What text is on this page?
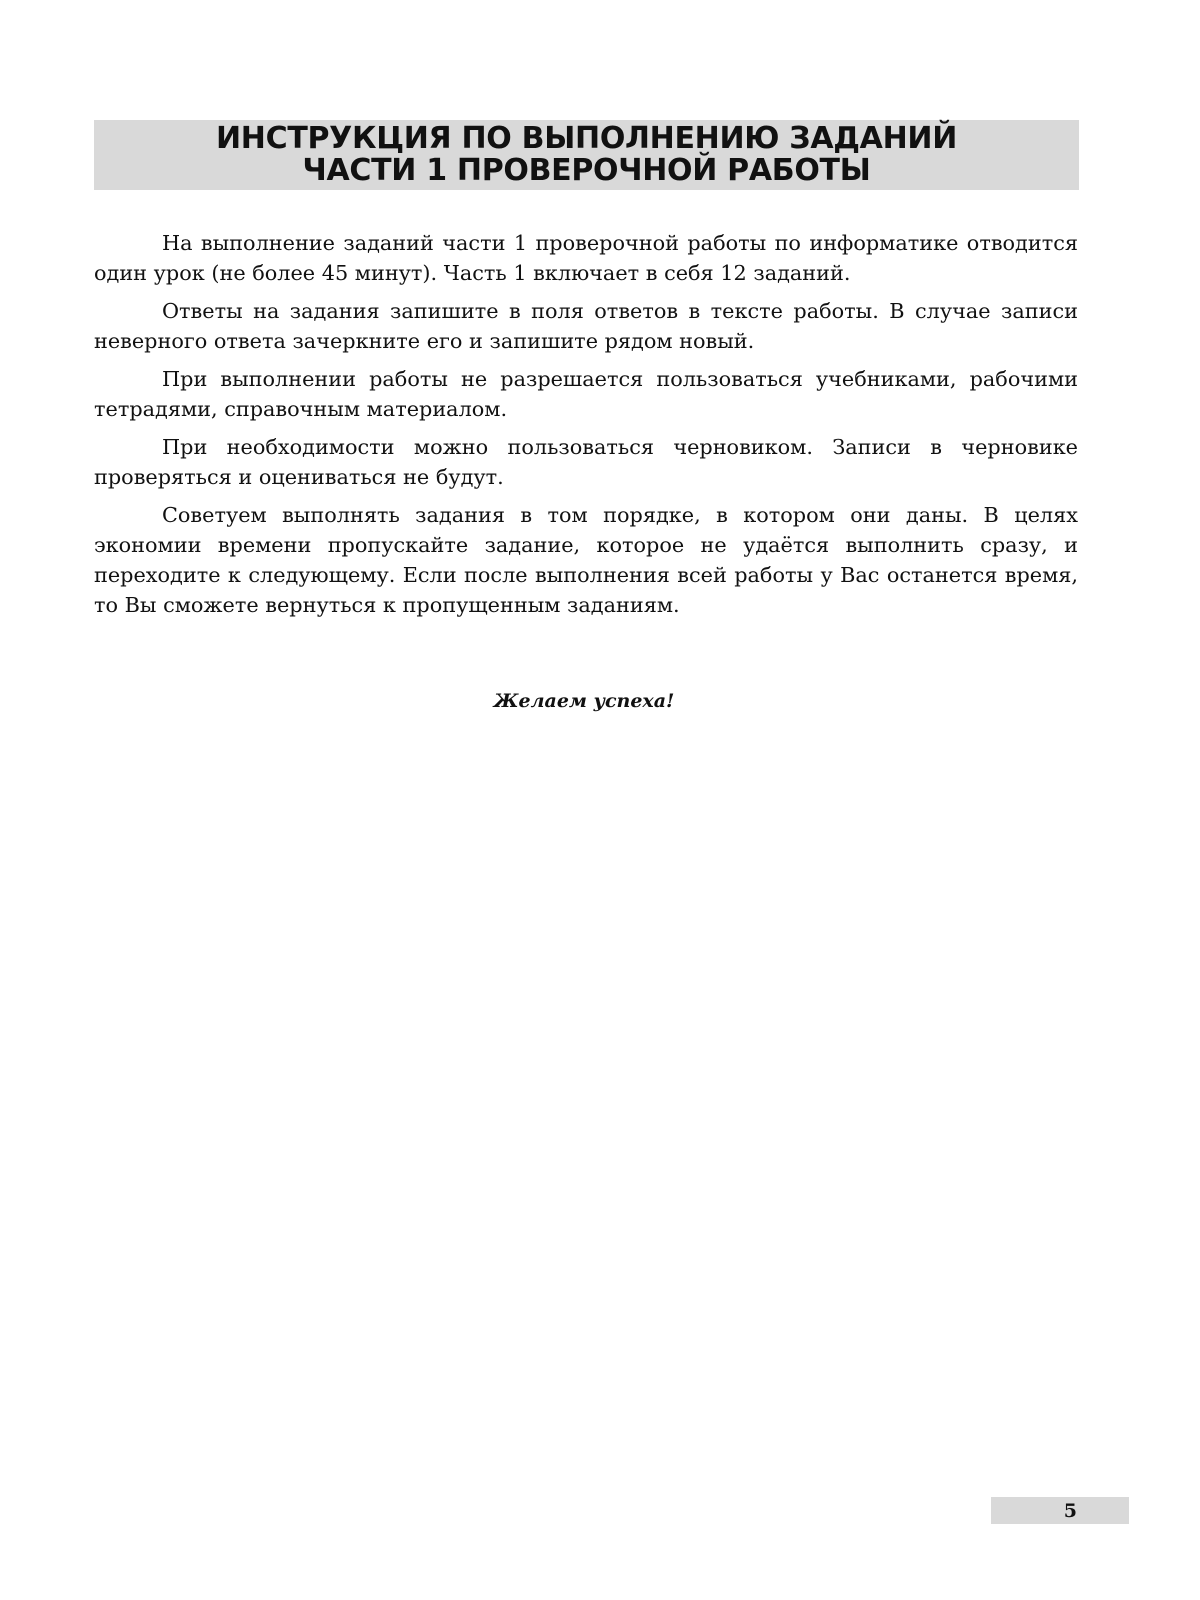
ИНСТРУКЦИЯ ПО ВЫПОЛНЕНИЮ ЗАДАНИЙ
ЧАСТИ 1 ПРОВЕРОЧНОЙ РАБОТЫ

На выполнение заданий части 1 проверочной работы по информатике отводится один урок (не более 45 минут). Часть 1 включает в себя 12 заданий.

Ответы на задания запишите в поля ответов в тексте работы. В случае записи неверного ответа зачеркните его и запишите рядом новый.

При выполнении работы не разрешается пользоваться учебниками, рабочими тетрадями, справочным материалом.

При необходимости можно пользоваться черновиком. Записи в черновике проверяться и оцениваться не будут.

Советуем выполнять задания в том порядке, в котором они даны. В целях экономии времени пропускайте задание, которое не удаётся выполнить сразу, и переходите к следующему. Если после выполнения всей работы у Вас останется время, то Вы сможете вернуться к пропущенным заданиям.

Желаем успеха!
5
